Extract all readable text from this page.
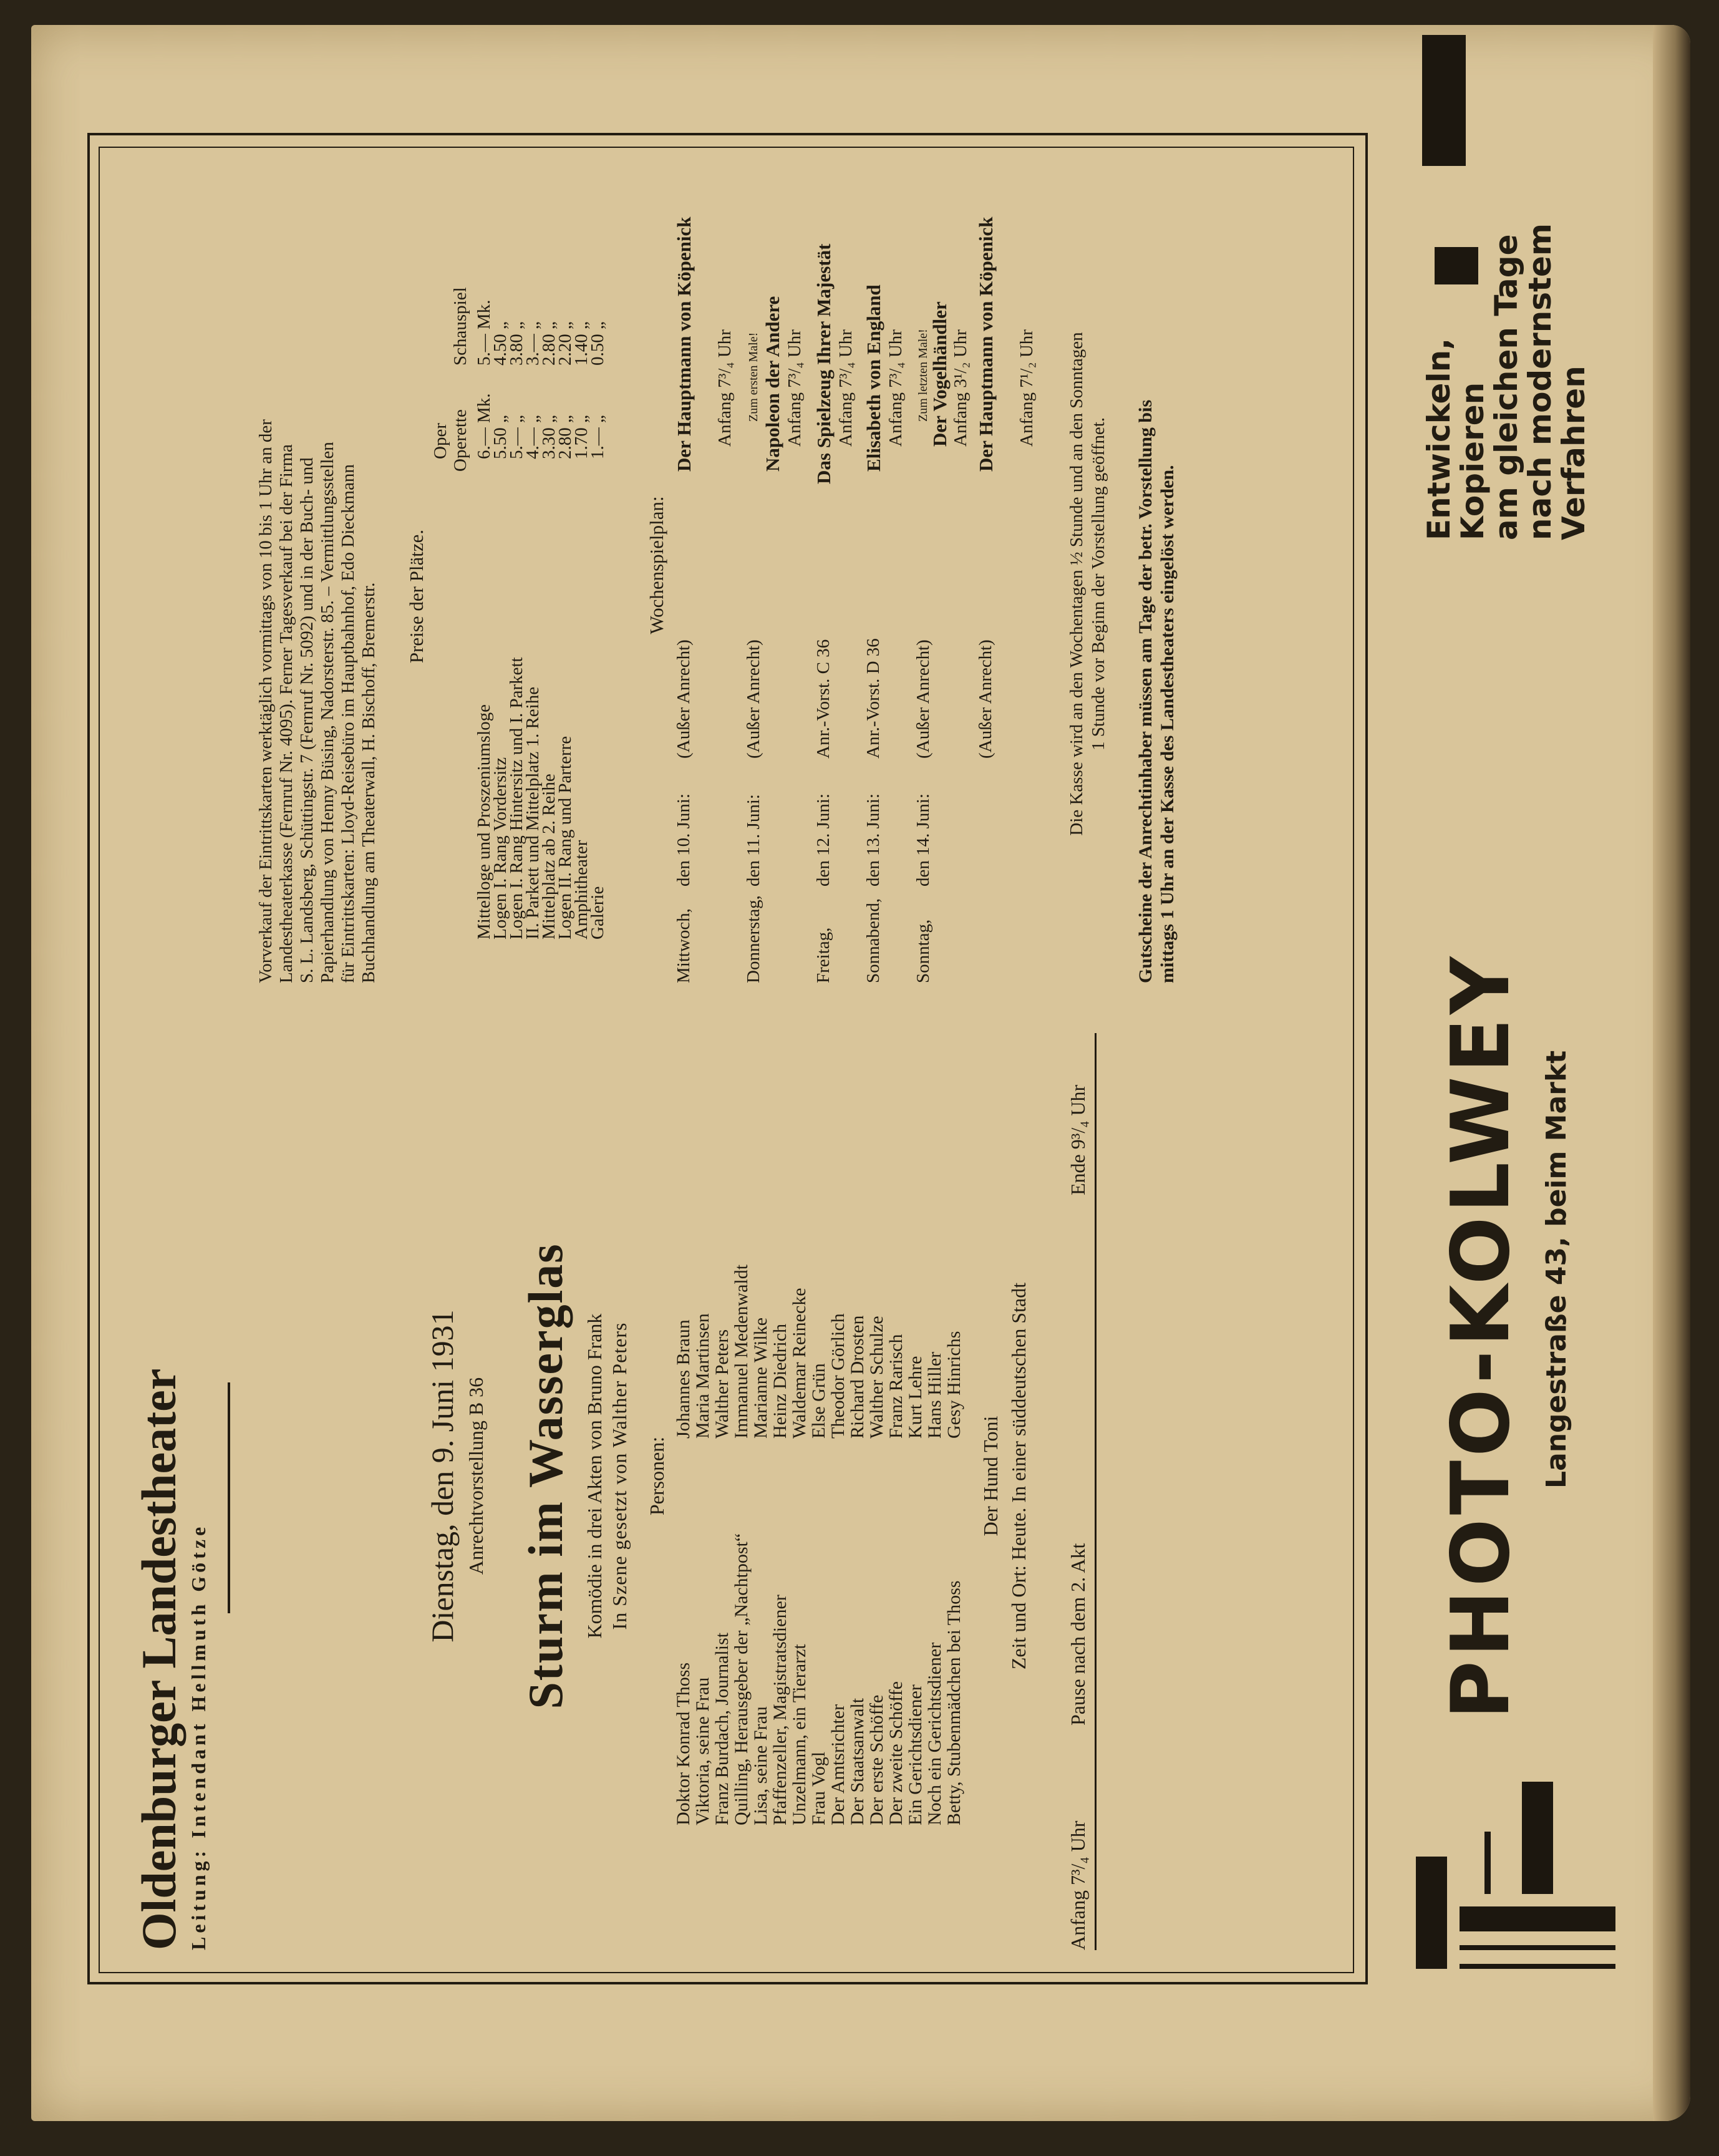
Oldenburger Landestheater Leitung: Intendant Hellmuth Götze
Dienstag, den 9. Juni 1931 Anrechtvorstellung B 36 Sturm im Wasserglas Komödie in drei Akten von Bruno Frank In Szene gesetzt von Walther Peters Personen:
Doktor Konrad Thoss
Johannes Braun
Viktoria, seine Frau
Maria Martinsen
Franz Burdach, Journalist
Walther Peters
Quilling, Herausgeber der „Nachtpost“
Immanuel Medenwaldt
Lisa, seine Frau
Marianne Wilke
Pfaffenzeller, Magistratsdiener
Heinz Diedrich
Unzelmann, ein Tierarzt
Waldemar Reinecke
Frau Vogl
Else Grün
Der Amtsrichter
Theodor Görlich
Der Staatsanwalt
Richard Drosten
Der erste Schöffe
Walther Schulze
Der zweite Schöffe
Franz Rarisch
Ein Gerichtsdiener
Kurt Lehre
Noch ein Gerichtsdiener
Hans Hiller
Betty, Stubenmädchen bei Thoss
Gesy Hinrichs
Der Hund Toni Zeit und Ort: Heute. In einer süddeutschen Stadt
Anfang 7³/₄ Uhr
Pause nach dem 2. Akt
Ende 9³/₄ Uhr
Vorverkauf der Eintrittskarten werktäglich vormittags von 10 bis 1 Uhr an der Landestheaterkasse (Fernruf Nr. 4095). Ferner Tagesverkauf bei der Firma S. L. Landsberg, Schüttingstr. 7 (Fernruf Nr. 5092) und in der Buch- und Papierhandlung von Henny Büsing, Nadorsterstr. 85. – Vermittlungsstellen für Eintrittskarten: Lloyd-Reisebüro im Hauptbahnhof, Edo Dieckmann Buchhandlung am Theaterwall, H. Bischoff, Bremerstr. Preise der Plätze.
Oper Operette
Schauspiel
Mittelloge und Proszeniumsloge
6.— Mk.
5.— Mk.
Logen I. Rang Vordersitz
5.50 „
4.50 „
Logen I. Rang Hintersitz und I. Parkett
5.— „
3.80 „
II. Parkett und Mittelplatz 1. Reihe
4.— „
3.— „
Mittelplatz ab 2. Reihe
3.30 „
2.80 „
Logen II. Rang und Parterre
2.80 „
2.20 „
Amphitheater
1.70 „
1.40 „
Galerie
1.— „
0.50 „
Wochenspielplan:
Mittwoch,
den 10. Juni:
(Außer Anrecht)
Der Hauptmann von Köpenick Anfang 7³/₄ Uhr
Donnerstag,
den 11. Juni:
(Außer Anrecht)
Zum ersten Male! Napoleon der Andere Anfang 7³/₄ Uhr
Freitag,
den 12. Juni:
Anr.-Vorst. C 36
Das Spielzeug Ihrer Majestät Anfang 7³/₄ Uhr
Sonnabend,
den 13. Juni:
Anr.-Vorst. D 36
Elisabeth von England Anfang 7³/₄ Uhr
Sonntag,
den 14. Juni:
(Außer Anrecht)
Zum letzten Male!
Der Vogelhändler Anfang 3¹/₂ Uhr
(Außer Anrecht)
Der Hauptmann von Köpenick Anfang 7¹/₂ Uhr Die Kasse wird an den Wochentagen ½ Stunde und an den Sonntagen 1 Stunde vor Beginn der Vorstellung geöffnet. Gutscheine der Anrechtinhaber müssen am Tage der betr. Vorstellung bis mittags 1 Uhr an der Kasse des Landestheaters eingelöst werden.
PHOTO-KOLWEY Langestraße 43, beim Markt
Entwickeln, Kopieren
am gleichen Tage
nach modernstem
Verfahren
